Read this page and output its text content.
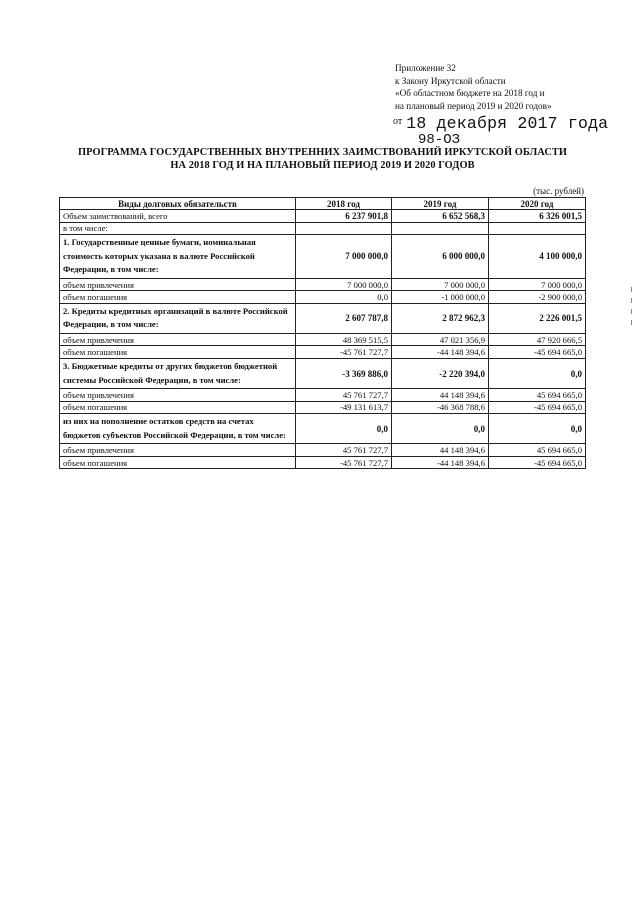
Приложение 32
к Закону Иркутской области
«Об областном бюджете на 2018 год и
на плановый период 2019 и 2020 годов»
$^{от}$ 18 декабря 2017 года
98-ОЗ
ПРОГРАММА ГОСУДАРСТВЕННЫХ ВНУТРЕННИХ ЗАИМСТВОВАНИЙ ИРКУТСКОЙ ОБЛАСТИ
НА 2018 ГОД И НА ПЛАНОВЫЙ ПЕРИОД 2019 И 2020 ГОДОВ
(тыс. рублей)
Виды долговых обязательств	2018 год	2019 год	2020 год
Объем заимствований, всего	6 237 901,8	6 652 568,3	6 326 001,5
в том числе:			
1. Государственные ценные бумаги, номинальная стоимость которых указана в валюте Российской Федерации, в том числе:	7 000 000,0	6 000 000,0	4 100 000,0
объем привлечения	7 000 000,0	7 000 000,0	7 000 000,0
объем погашения	0,0	-1 000 000,0	-2 900 000,0
2. Кредиты кредитных организаций в валюте Российской Федерации, в том числе:	2 607 787,8	2 872 962,3	2 226 001,5
объем привлечения	48 369 515,5	47 021 356,9	47 920 666,5
объем погашения	-45 761 727,7	-44 148 394,6	-45 694 665,0
3. Бюджетные кредиты от других бюджетов бюджетной системы Российской Федерации, в том числе:	-3 369 886,0	-2 220 394,0	0,0
объем привлечения	45 761 727,7	44 148 394,6	45 694 665,0
объем погашения	-49 131 613,7	-46 368 788,6	-45 694 665,0
из них на пополнение остатков средств на счетах бюджетов субъектов Российской Федерации, в том числе:	0,0	0,0	0,0
объем привлечения	45 761 727,7	44 148 394,6	45 694 665,0
объем погашения	-45 761 727,7	-44 148 394,6	-45 694 665,0
